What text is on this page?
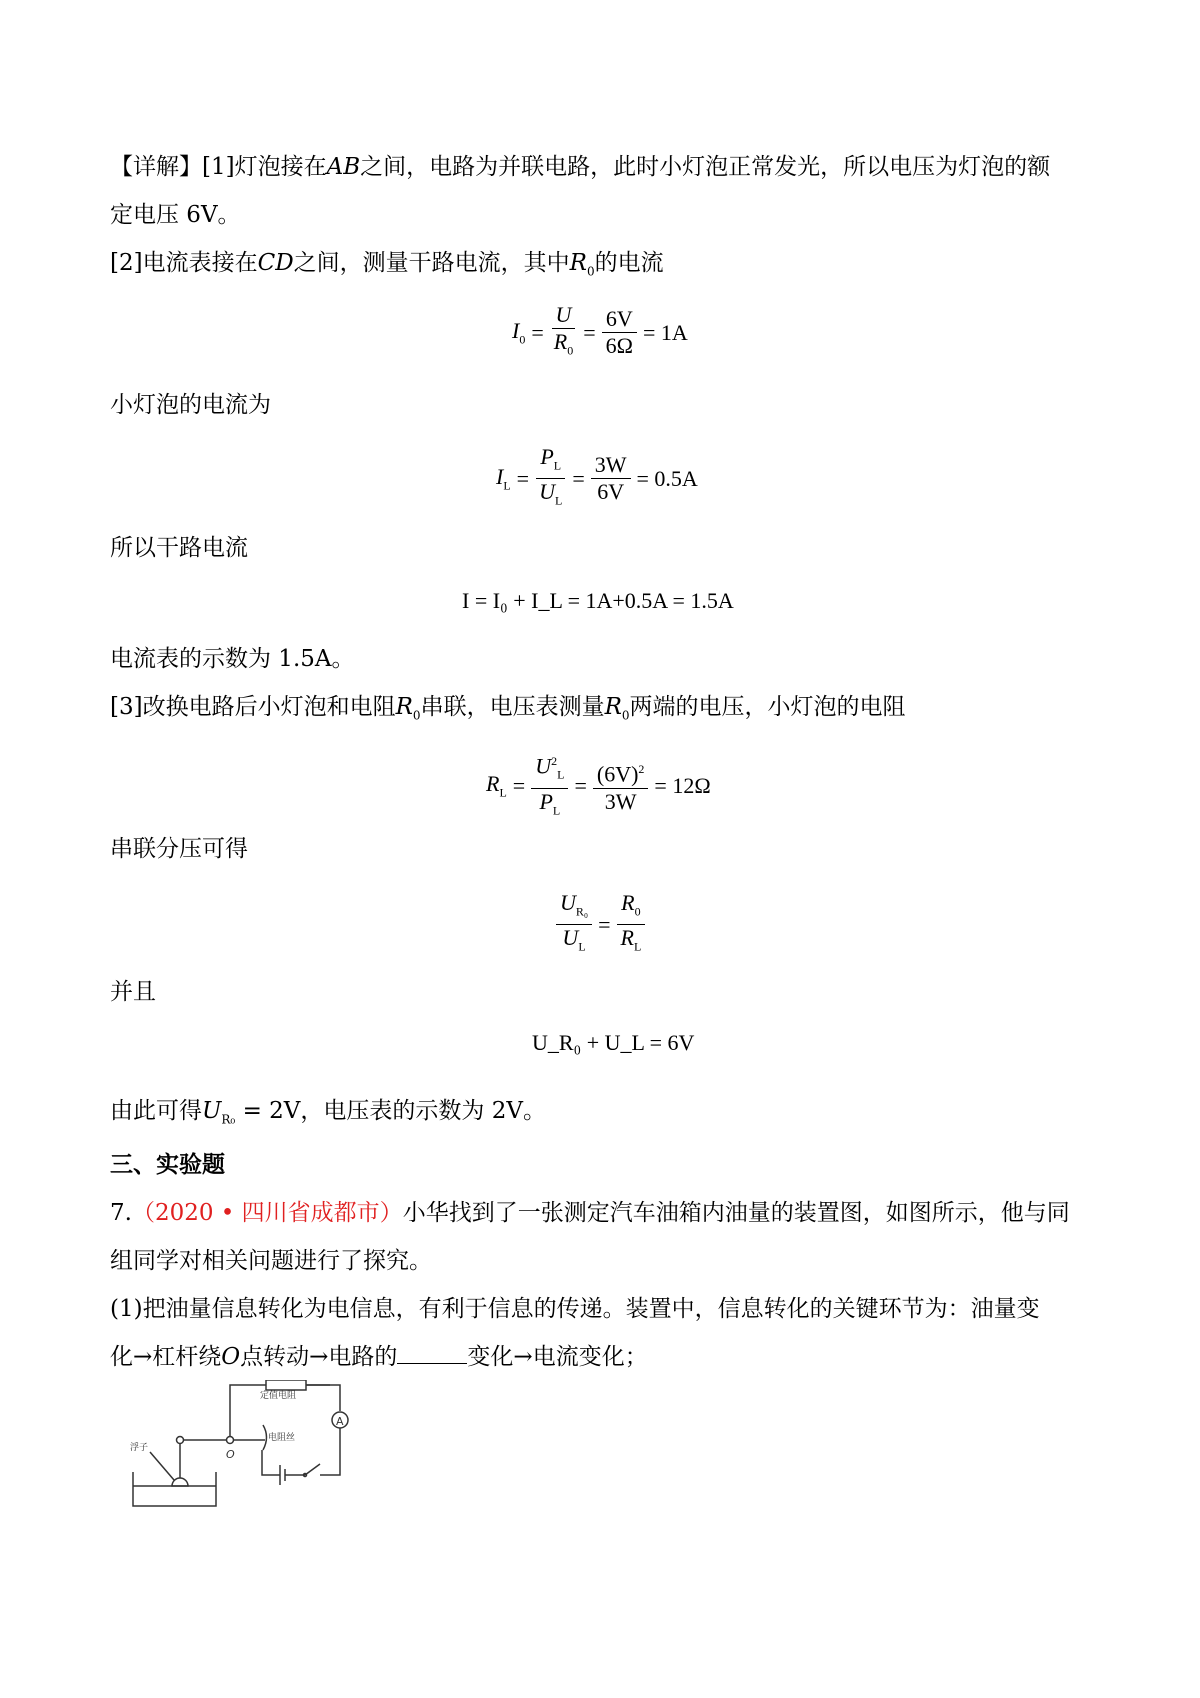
【详解】[1]灯泡接在AB之间，电路为并联电路，此时小灯泡正常发光，所以电压为灯泡的额
定电压 6V。
[2]电流表接在CD之间，测量干路电流，其中$R_0$的电流
$I_0 = \frac{U}{R_0} = \frac{6V}{6\Omega} = 1A$
小灯泡的电流为
$I_L = \frac{P_L}{U_L} = \frac{3W}{6V} = 0.5A$
所以干路电流
I = I₀ + I_L = 1A+0.5A = 1.5A
电流表的示数为 1.5A。
[3]改换电路后小灯泡和电阻$R_0$串联，电压表测量$R_0$两端的电压，小灯泡的电阻
$R_L = \frac{U^2_L}{P_L} = \frac{(6V)^2}{3W} = 12\Omega$
串联分压可得
$\frac{U_{R_0}}{U_L} = \frac{R_0}{R_L}$
并且
U_R₀ + U_L = 6V
由此可得$U_{R_0} = 2V$，电压表的示数为 2V。
三、实验题
7.（2020 • 四川省成都市）小华找到了一张测定汽车油箱内油量的装置图，如图所示，他与同
组同学对相关问题进行了探究。
(1)把油量信息转化为电信息，有利于信息的传递。装置中，信息转化的关键环节为：油量变
化→杠杆绕O点转动→电路的	变化→电流变化；
A
电阻丝
定值电阻
O
浮子
